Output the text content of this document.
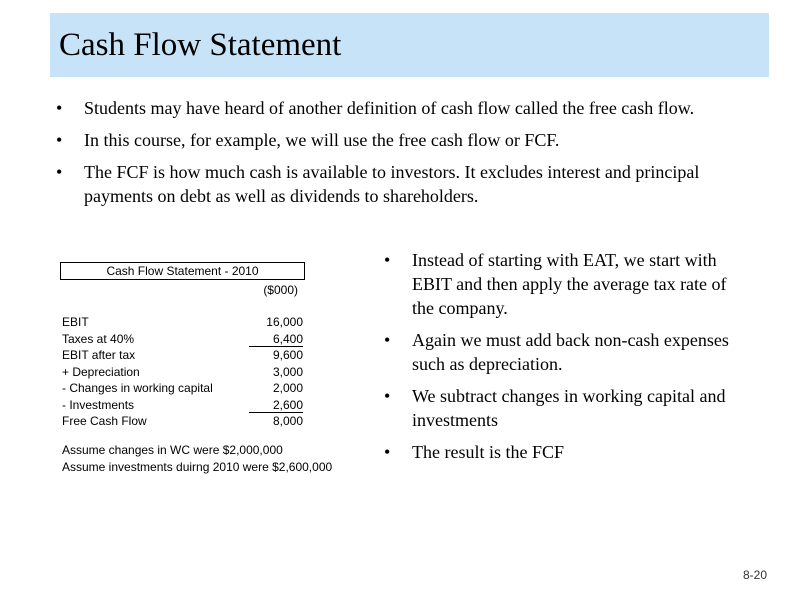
Cash Flow Statement
• Students may have heard of another definition of cash flow called the free cash flow.
• In this course, for example, we will use the free cash flow or FCF.
• The FCF is how much cash is available to investors. It excludes interest and principal payments on debt as well as dividends to shareholders.
Cash Flow Statement - 2010
($000)
EBIT	16,000
Taxes at 40%	6,400
EBIT after tax	9,600
+ Depreciation	3,000
- Changes in working capital	2,000
- Investments	2,600
Free Cash Flow	8,000
Assume changes in WC were $2,000,000
Assume investments duirng 2010 were $2,600,000
• Instead of starting with EAT, we start with EBIT and then apply the average tax rate of the company.
• Again we must add back non-cash expenses such as depreciation.
• We subtract changes in working capital and investments
• The result is the FCF
8-20
